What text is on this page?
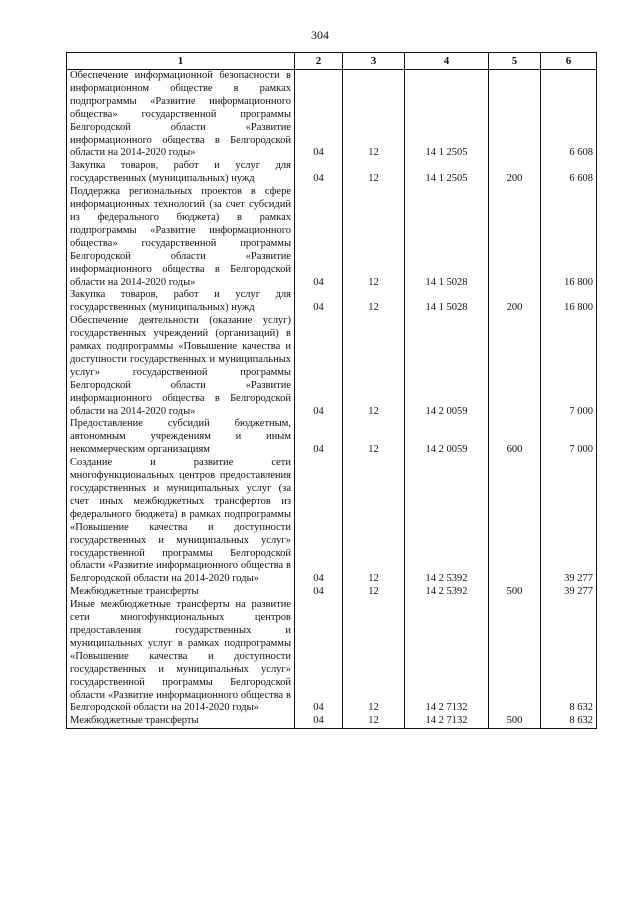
304
1	2	3	4	5	6
Обеспечение информационной безопасности в информационном обществе в рамках подпрограммы «Развитие информационного общества» государственной программы Белгородской области «Развитие информационного общества в Белгородской области на 2014-2020 годы»	04	12	14 1 2505		6 608
Закупка товаров, работ и услуг для государственных (муниципальных) нужд	04	12	14 1 2505	200	6 608
Поддержка региональных проектов в сфере информационных технологий (за счет субсидий из федерального бюджета) в рамках подпрограммы «Развитие информационного общества» государственной программы Белгородской области «Развитие информационного общества в Белгородской области на 2014-2020 годы»	04	12	14 1 5028		16 800
Закупка товаров, работ и услуг для государственных (муниципальных) нужд	04	12	14 1 5028	200	16 800
Обеспечение деятельности (оказание услуг) государственных учреждений (организаций) в рамках подпрограммы «Повышение качества и доступности государственных и муниципальных услуг» государственной программы Белгородской области «Развитие информационного общества в Белгородской области на 2014-2020 годы»	04	12	14 2 0059		7 000
Предоставление субсидий бюджетным, автономным учреждениям и иным некоммерческим организациям	04	12	14 2 0059	600	7 000
Создание и развитие сети многофункциональных центров предоставления государственных и муниципальных услуг (за счет иных межбюджетных трансфертов из федерального бюджета) в рамках подпрограммы «Повышение качества и доступности государственных и муниципальных услуг» государственной программы Белгородской области «Развитие информационного общества в Белгородской области на 2014-2020 годы»	04	12	14 2 5392		39 277
Межбюджетные трансферты	04	12	14 2 5392	500	39 277
Иные межбюджетные трансферты на развитие сети многофункциональных центров предоставления государственных и муниципальных услуг в рамках подпрограммы «Повышение качества и доступности государственных и муниципальных услуг» государственной программы Белгородской области «Развитие информационного общества в Белгородской области на 2014-2020 годы»	04	12	14 2 7132		8 632
Межбюджетные трансферты	04	12	14 2 7132	500	8 632
